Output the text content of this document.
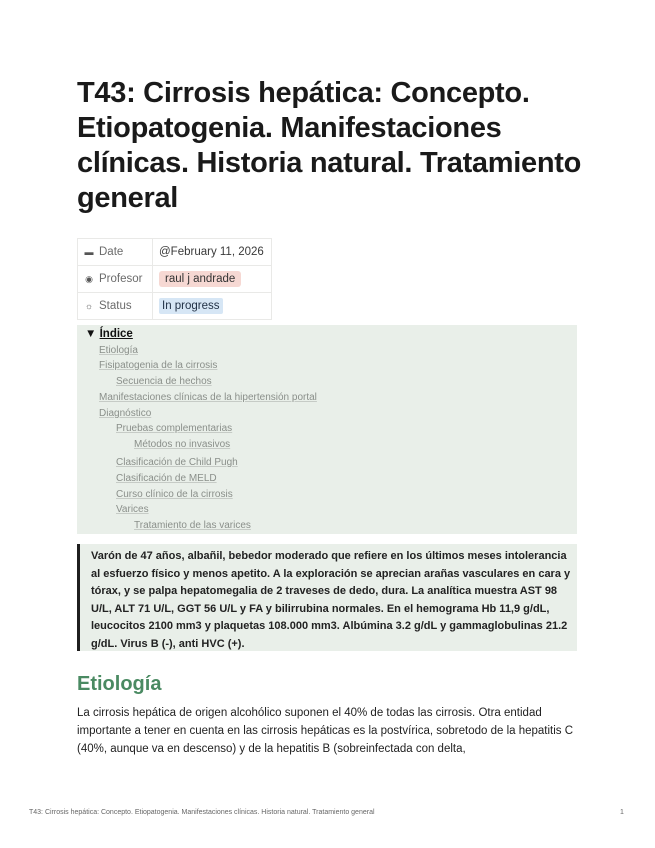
T43: Cirrosis hepática: Concepto. Etiopatogenia. Manifestaciones clínicas. Historia natural. Tratamiento general
▬ Date	@February 11, 2026
◉ Profesor	raul j andrade
☼ Status	In progress
▼ Índice
Etiología
Fisipatogenia de la cirrosis
Secuencia de hechos
Manifestaciones clínicas de la hipertensión portal
Diagnóstico
Pruebas complementarias
Métodos no invasivos
Clasificación de Child Pugh
Clasificación de MELD
Curso clínico de la cirrosis
Varices
Tratamiento de las varices

Varón de 47 años, albañil, bebedor moderado que refiere en los últimos meses intolerancia al esfuerzo físico y menos apetito. A la exploración se aprecian arañas vasculares en cara y tórax, y se palpa hepatomegalia de 2 traveses de dedo, dura. La analítica muestra AST 98 U/L, ALT 71 U/L, GGT 56 U/L y FA y bilirrubina normales. En el hemograma Hb 11,9 g/dL, leucocitos 2100 mm3 y plaquetas 108.000 mm3. Albúmina 3.2 g/dL y gammaglobulinas 21.2 g/dL. Virus B (-), anti HVC (+).

Etiología

La cirrosis hepática de origen alcohólico suponen el 40% de todas las cirrosis. Otra entidad importante a tener en cuenta en las cirrosis hepáticas es la postvírica, sobretodo de la hepatitis C (40%, aunque va en descenso) y de la hepatitis B (sobreinfectada con delta,

T43: Cirrosis hepática: Concepto. Etiopatogenia. Manifestaciones clínicas. Historia natural. Tratamiento general	1
